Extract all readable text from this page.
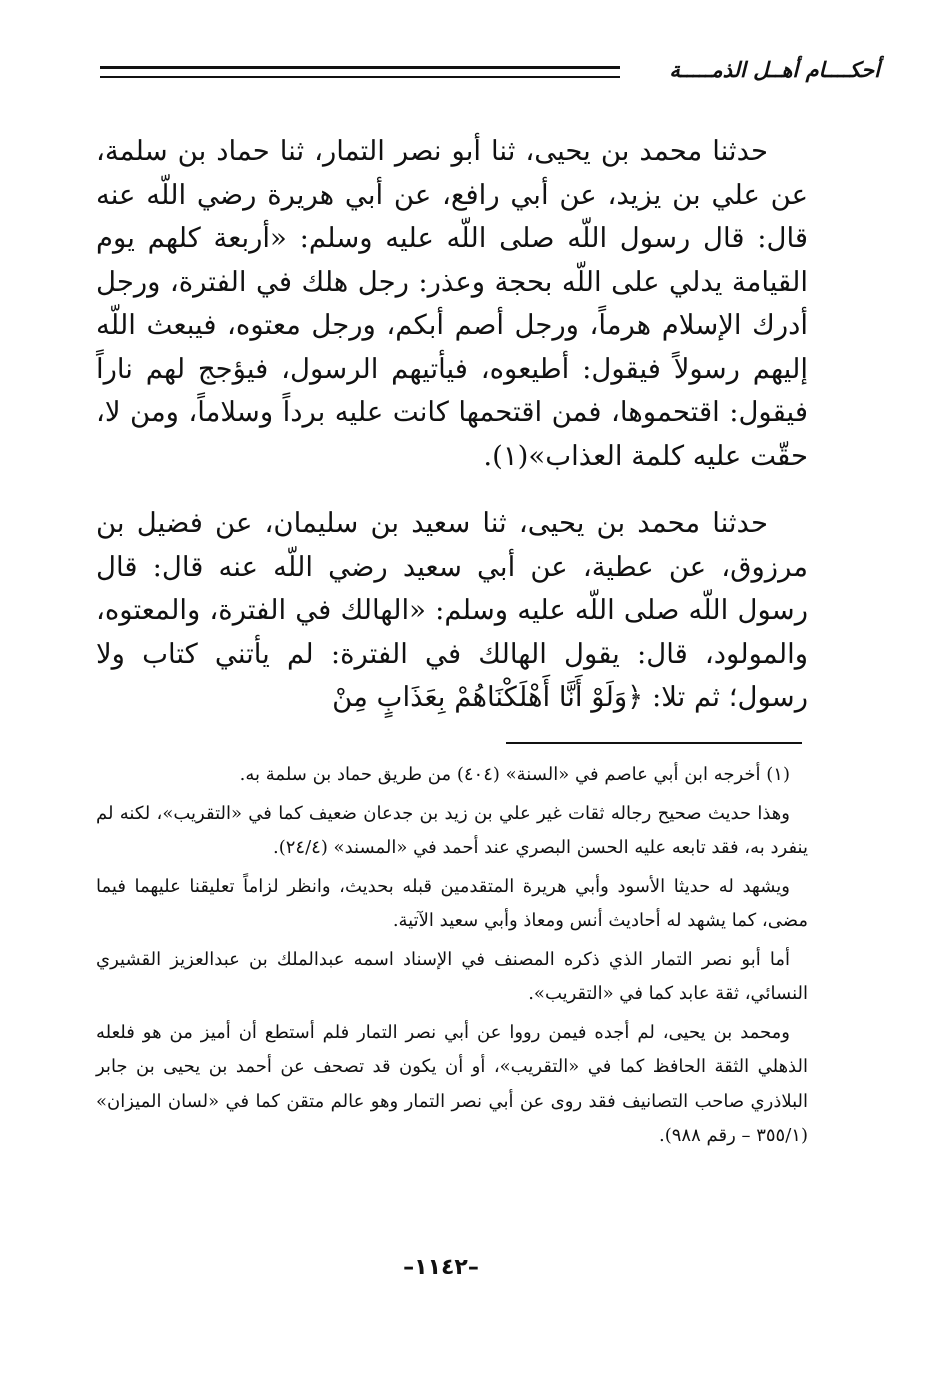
أحكــــام أهــل الذمـــــة

حدثنا محمد بن يحيى، ثنا أبو نصر التمار، ثنا حماد بن سلمة، عن علي بن يزيد، عن أبي رافع، عن أبي هريرة رضي اللّه عنه قال: قال رسول اللّه صلى اللّه عليه وسلم: «أربعة كلهم يوم القيامة يدلي على اللّه بحجة وعذر: رجل هلك في الفترة، ورجل أدرك الإسلام هرماً، ورجل أصم أبكم، ورجل معتوه، فيبعث اللّه إليهم رسولاً فيقول: أطيعوه، فيأتيهم الرسول، فيؤجج لهم ناراً فيقول: اقتحموها، فمن اقتحمها كانت عليه برداً وسلاماً، ومن لا، حقّت عليه كلمة العذاب»(١).

حدثنا محمد بن يحيى، ثنا سعيد بن سليمان، عن فضيل بن مرزوق، عن عطية، عن أبي سعيد رضي اللّه عنه قال: قال رسول اللّه صلى اللّه عليه وسلم: «الهالك في الفترة، والمعتوه، والمولود، قال: يقول الهالك في الفترة: لم يأتني كتاب ولا رسول؛ ثم تلا: ﴿وَلَوْ أَنَّا أَهْلَكْنَاهُمْ بِعَذَابٍ مِنْ

(١) أخرجه ابن أبي عاصم في «السنة» (٤٠٤) من طريق حماد بن سلمة به.

وهذا حديث صحيح رجاله ثقات غير علي بن زيد بن جدعان ضعيف كما في «التقريب»، لكنه لم ينفرد به، فقد تابعه عليه الحسن البصري عند أحمد في «المسند» (٢٤/٤).

ويشهد له حديثا الأسود وأبي هريرة المتقدمين قبله بحديث، وانظر لزاماً تعليقنا عليهما فيما مضى، كما يشهد له أحاديث أنس ومعاذ وأبي سعيد الآتية.

أما أبو نصر التمار الذي ذكره المصنف في الإسناد اسمه عبدالملك بن عبدالعزيز القشيري النسائي، ثقة عابد كما في «التقريب».

ومحمد بن يحيى، لم أجده فيمن رووا عن أبي نصر التمار فلم أستطع أن أميز من هو فلعله الذهلي الثقة الحافظ كما في «التقريب»، أو أن يكون قد تصحف عن أحمد بن يحيى بن جابر البلاذري صاحب التصانيف فقد روى عن أبي نصر التمار وهو عالم متقن كما في «لسان الميزان» (٣٥٥/١ – رقم ٩٨٨).

–١١٤٢–
